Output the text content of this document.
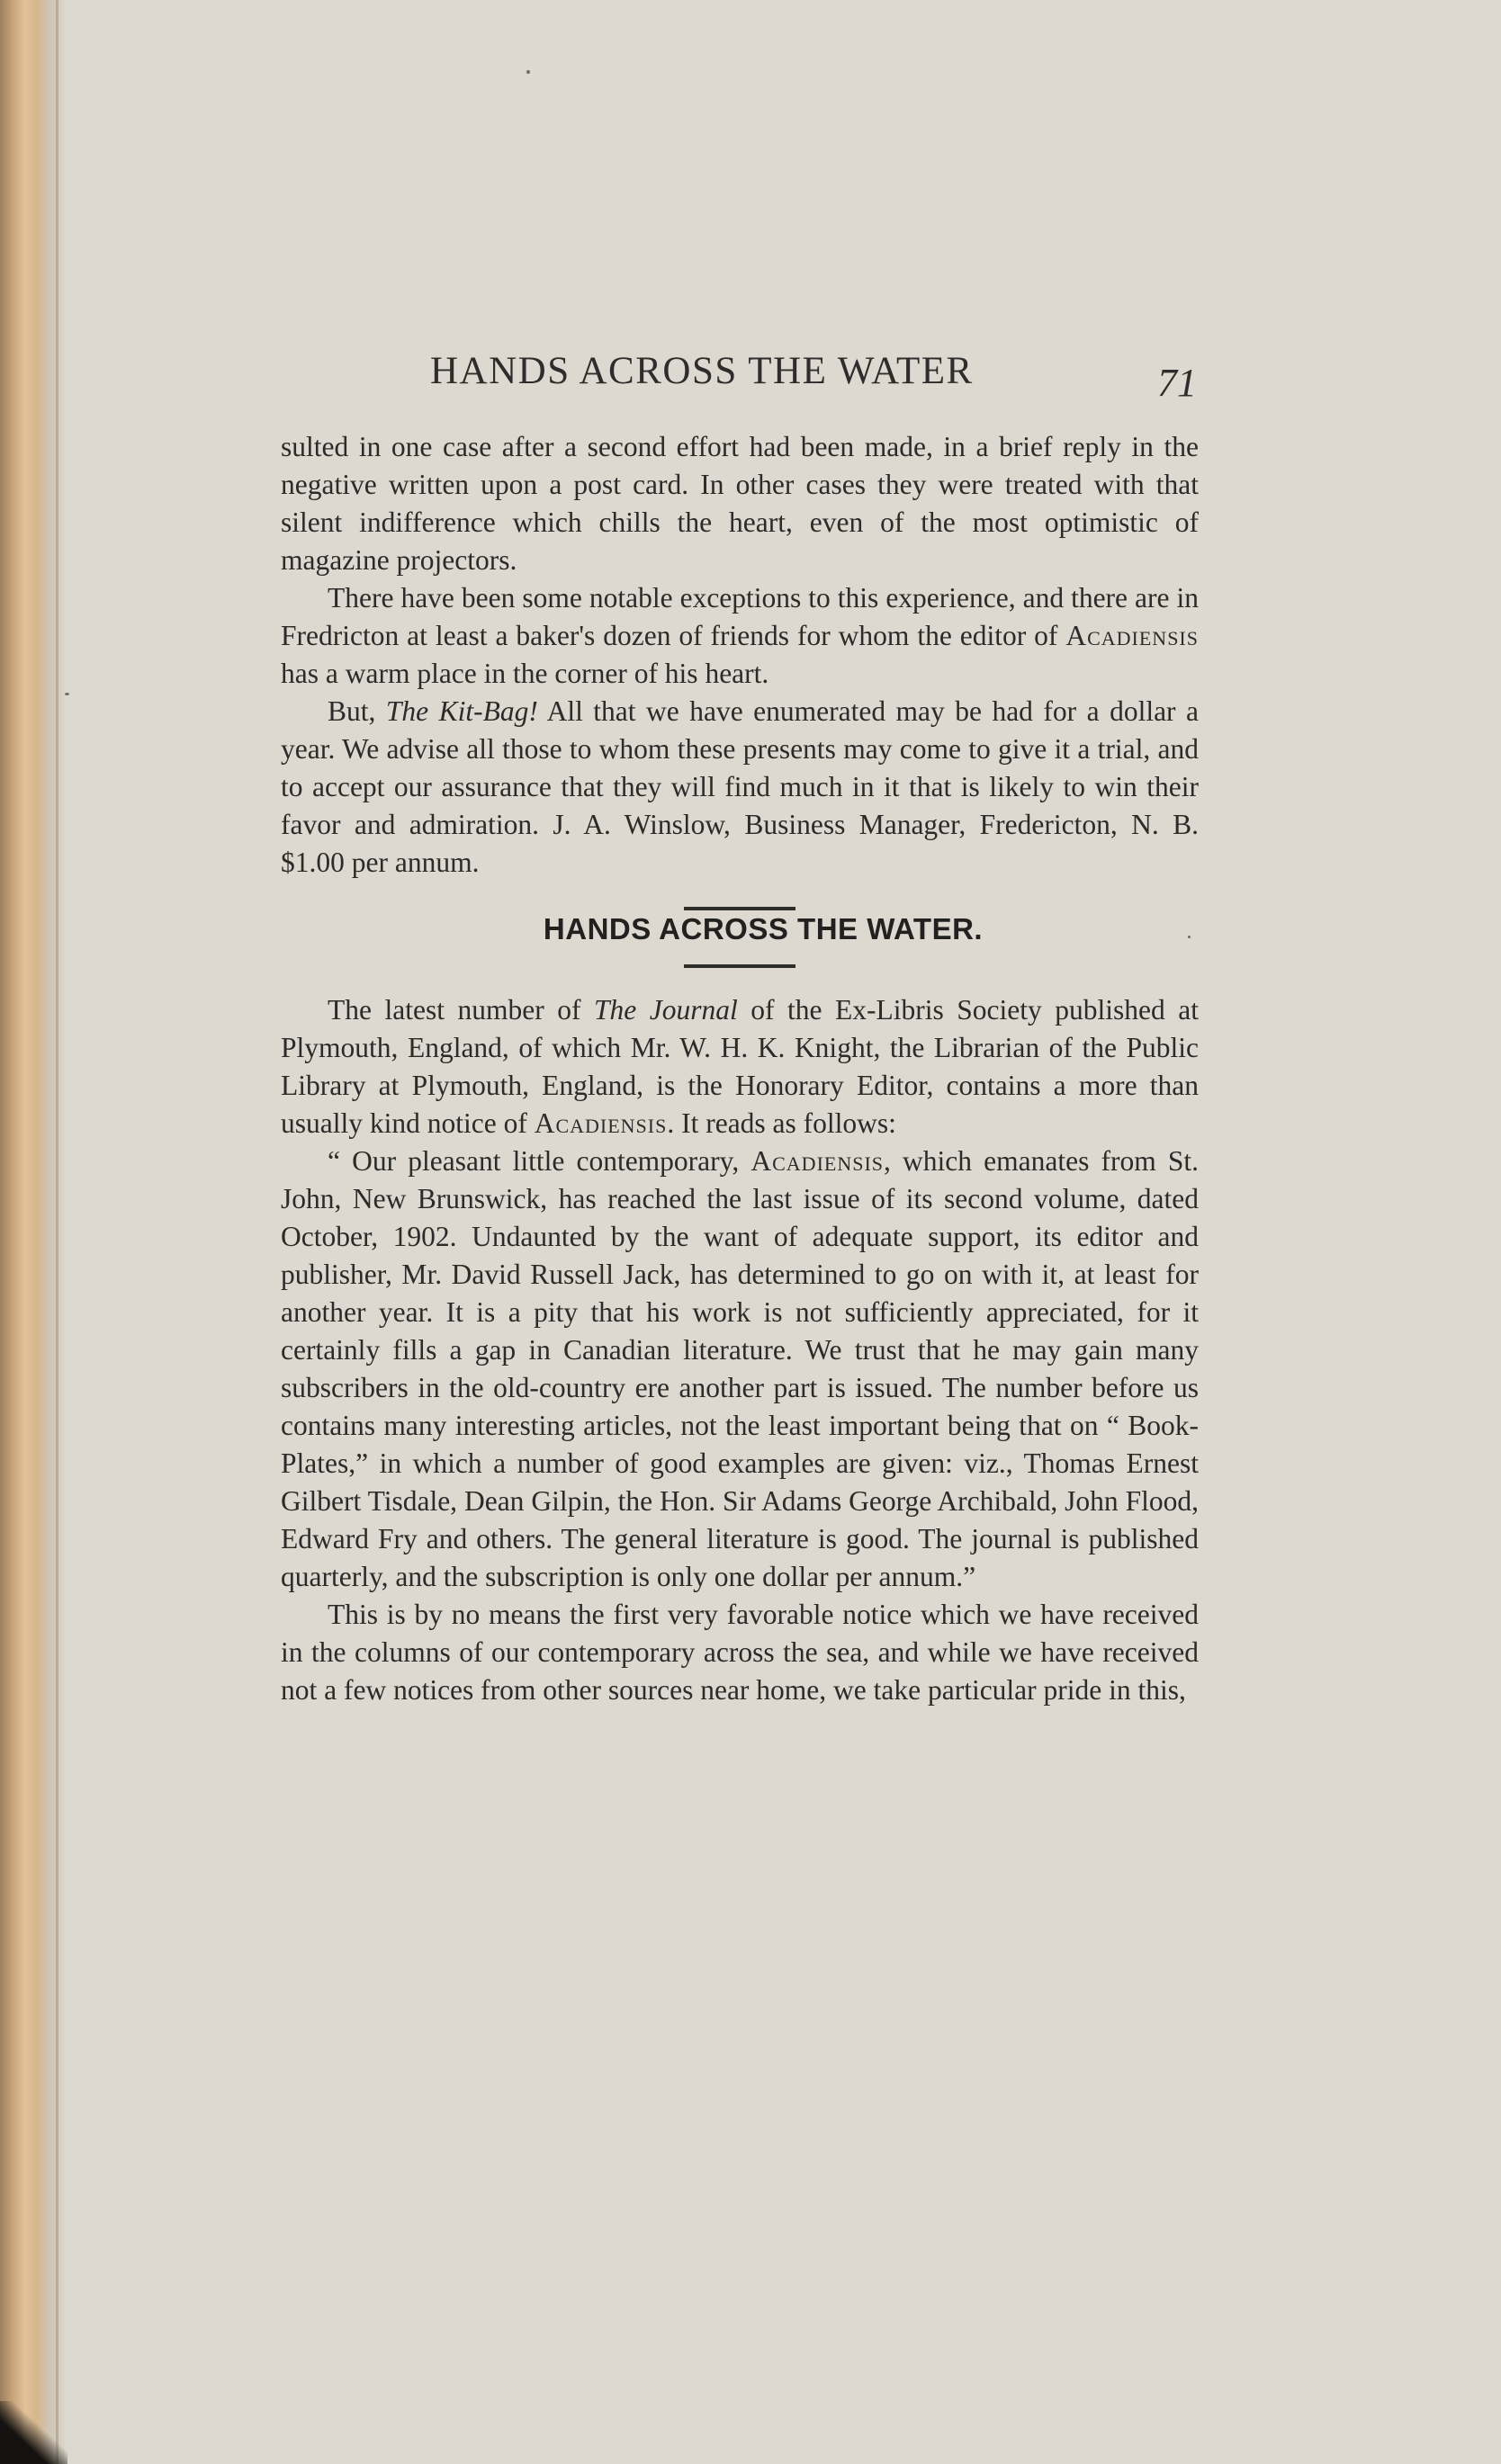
HANDS ACROSS THE WATER	71

sulted in one case after a second effort had been made, in a brief reply in the negative written upon a post card. In other cases they were treated with that silent indifference which chills the heart, even of the most optimistic of magazine projectors.

There have been some notable exceptions to this experience, and there are in Fredricton at least a baker's dozen of friends for whom the editor of Acadiensis has a warm place in the corner of his heart.

But, The Kit-Bag! All that we have enumerated may be had for a dollar a year. We advise all those to whom these presents may come to give it a trial, and to accept our assurance that they will find much in it that is likely to win their favor and admiration. J. A. Winslow, Business Manager, Fredericton, N. B. $1.00 per annum.

HANDS ACROSS THE WATER.

The latest number of The Journal of the Ex-Libris Society published at Plymouth, England, of which Mr. W. H. K. Knight, the Librarian of the Public Library at Plymouth, England, is the Honorary Editor, contains a more than usually kind notice of Acadiensis. It reads as follows:

“ Our pleasant little contemporary, Acadiensis, which emanates from St. John, New Brunswick, has reached the last issue of its second volume, dated October, 1902. Undaunted by the want of adequate support, its editor and publisher, Mr. David Russell Jack, has determined to go on with it, at least for another year. It is a pity that his work is not sufficiently appreciated, for it certainly fills a gap in Canadian literature. We trust that he may gain many subscribers in the old-country ere another part is issued. The number before us contains many interesting articles, not the least important being that on “ Book-Plates,” in which a number of good examples are given: viz., Thomas Ernest Gilbert Tisdale, Dean Gilpin, the Hon. Sir Adams George Archibald, John Flood, Edward Fry and others. The general literature is good. The journal is published quarterly, and the subscription is only one dollar per annum.”

This is by no means the first very favorable notice which we have received in the columns of our contemporary across the sea, and while we have received not a few notices from other sources near home, we take particular pride in this,
